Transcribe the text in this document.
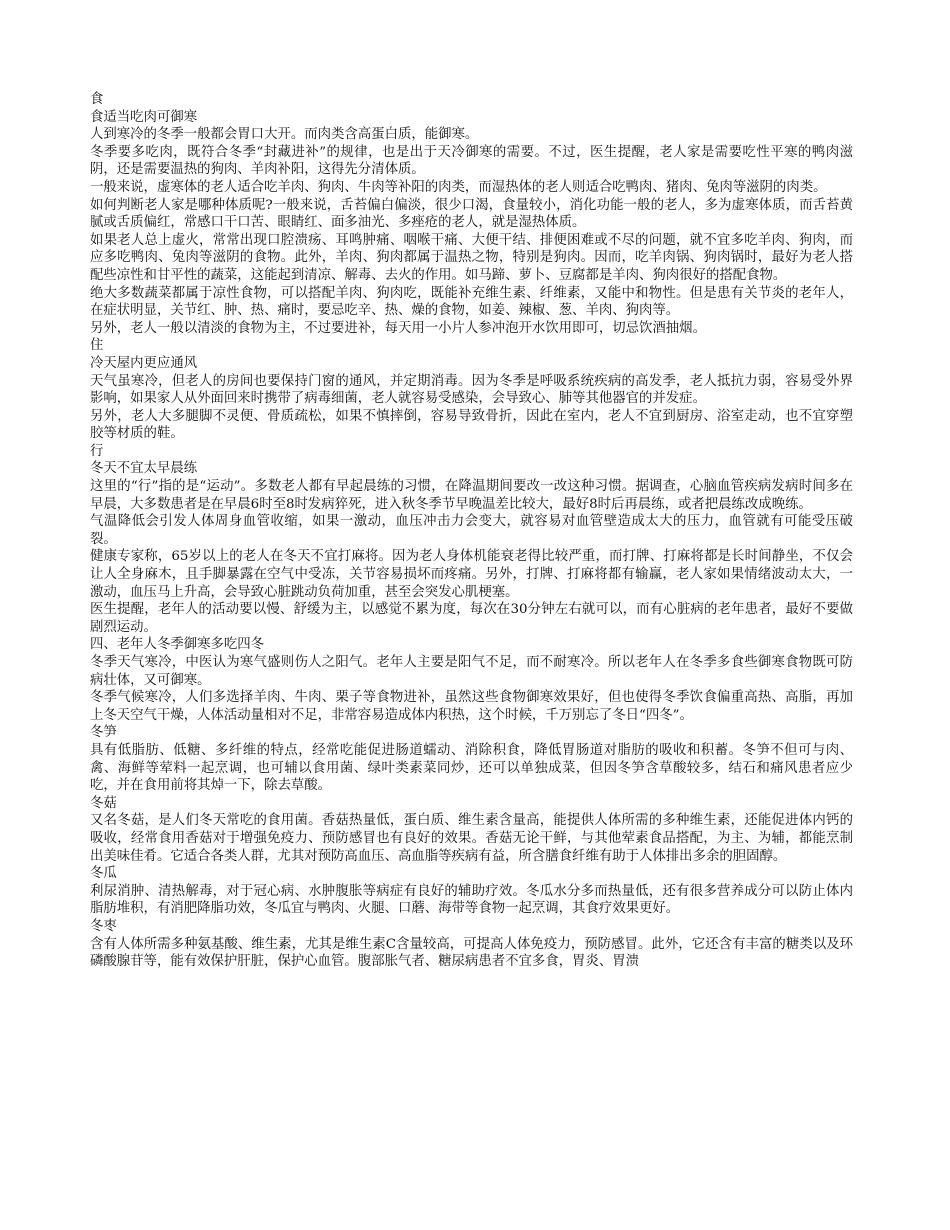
食

食适当吃肉可御寒

人到寒冷的冬季一般都会胃口大开。而肉类含高蛋白质，能御寒。

冬季要多吃肉，既符合冬季“封藏进补”的规律，也是出于天冷御寒的需要。不过，医生提醒，老人家是需要吃性平寒的鸭肉滋阴，还是需要温热的狗肉、羊肉补阳，这得先分清体质。

一般来说，虚寒体的老人适合吃羊肉、狗肉、牛肉等补阳的肉类，而湿热体的老人则适合吃鸭肉、猪肉、兔肉等滋阴的肉类。

如何判断老人家是哪种体质呢?一般来说，舌苔偏白偏淡，很少口渴，食量较小，消化功能一般的老人，多为虚寒体质，而舌苔黄腻或舌质偏红，常感口干口苦、眼睛红、面多油光、多痤疮的老人，就是湿热体质。

如果老人总上虚火，常常出现口腔溃疡、耳鸣肿痛、咽喉干痛、大便干结、排便困难或不尽的问题，就不宜多吃羊肉、狗肉，而应多吃鸭肉、兔肉等滋阴的食物。此外，羊肉、狗肉都属于温热之物，特别是狗肉。因而，吃羊肉锅、狗肉锅时，最好为老人搭配些凉性和甘平性的蔬菜，这能起到清凉、解毒、去火的作用。如马蹄、萝卜、豆腐都是羊肉、狗肉很好的搭配食物。

绝大多数蔬菜都属于凉性食物，可以搭配羊肉、狗肉吃，既能补充维生素、纤维素，又能中和物性。但是患有关节炎的老年人，在症状明显，关节红、肿、热、痛时，要忌吃辛、热、燥的食物，如姜、辣椒、葱、羊肉、狗肉等。

另外，老人一般以清淡的食物为主，不过要进补，每天用一小片人参冲泡开水饮用即可，切忌饮酒抽烟。

住

冷天屋内更应通风

天气虽寒冷，但老人的房间也要保持门窗的通风，并定期消毒。因为冬季是呼吸系统疾病的高发季，老人抵抗力弱，容易受外界影响，如果家人从外面回来时携带了病毒细菌，老人就容易受感染，会导致心、肺等其他器官的并发症。

另外，老人大多腿脚不灵便、骨质疏松，如果不慎摔倒，容易导致骨折，因此在室内，老人不宜到厨房、浴室走动，也不宜穿塑胶等材质的鞋。

行

冬天不宜太早晨练

这里的“行”指的是“运动”。多数老人都有早起晨练的习惯，在降温期间要改一改这种习惯。据调查，心脑血管疾病发病时间多在早晨，大多数患者是在早晨6时至8时发病猝死，进入秋冬季节早晚温差比较大，最好8时后再晨练，或者把晨练改成晚练。

气温降低会引发人体周身血管收缩，如果一激动，血压冲击力会变大，就容易对血管壁造成太大的压力，血管就有可能受压破裂。

健康专家称，65岁以上的老人在冬天不宜打麻将。因为老人身体机能衰老得比较严重，而打牌、打麻将都是长时间静坐，不仅会让人全身麻木，且手脚暴露在空气中受冻，关节容易损坏而疼痛。另外，打牌、打麻将都有输赢，老人家如果情绪波动太大，一激动，血压马上升高，会导致心脏跳动负荷加重，甚至会突发心肌梗塞。

医生提醒，老年人的活动要以慢、舒缓为主，以感觉不累为度，每次在30分钟左右就可以，而有心脏病的老年患者，最好不要做剧烈运动。

四、老年人冬季御寒多吃四冬

冬季天气寒冷，中医认为寒气盛则伤人之阳气。老年人主要是阳气不足，而不耐寒冷。所以老年人在冬季多食些御寒食物既可防病壮体，又可御寒。

冬季气候寒冷，人们多选择羊肉、牛肉、栗子等食物进补，虽然这些食物御寒效果好，但也使得冬季饮食偏重高热、高脂，再加上冬天空气干燥，人体活动量相对不足，非常容易造成体内积热，这个时候，千万别忘了冬日“四冬”。

冬笋

具有低脂肪、低糖、多纤维的特点，经常吃能促进肠道蠕动、消除积食，降低胃肠道对脂肪的吸收和积蓄。冬笋不但可与肉、禽、海鲜等荤料一起烹调，也可辅以食用菌、绿叶类素菜同炒，还可以单独成菜，但因冬笋含草酸较多，结石和痛风患者应少吃，并在食用前将其焯一下，除去草酸。

冬菇

又名冬菇，是人们冬天常吃的食用菌。香菇热量低，蛋白质、维生素含量高，能提供人体所需的多种维生素，还能促进体内钙的吸收，经常食用香菇对于增强免疫力、预防感冒也有良好的效果。香菇无论干鲜，与其他荤素食品搭配，为主、为辅，都能烹制出美味佳肴。它适合各类人群，尤其对预防高血压、高血脂等疾病有益，所含膳食纤维有助于人体排出多余的胆固醇。

冬瓜

利尿消肿、清热解毒，对于冠心病、水肿腹胀等病症有良好的辅助疗效。冬瓜水分多而热量低，还有很多营养成分可以防止体内脂肪堆积，有消肥降脂功效，冬瓜宜与鸭肉、火腿、口蘑、海带等食物一起烹调，其食疗效果更好。

冬枣

含有人体所需多种氨基酸、维生素，尤其是维生素C含量较高，可提高人体免疫力，预防感冒。此外，它还含有丰富的糖类以及环磷酸腺苷等，能有效保护肝脏，保护心血管。腹部胀气者、糖尿病患者不宜多食，胃炎、胃溃
